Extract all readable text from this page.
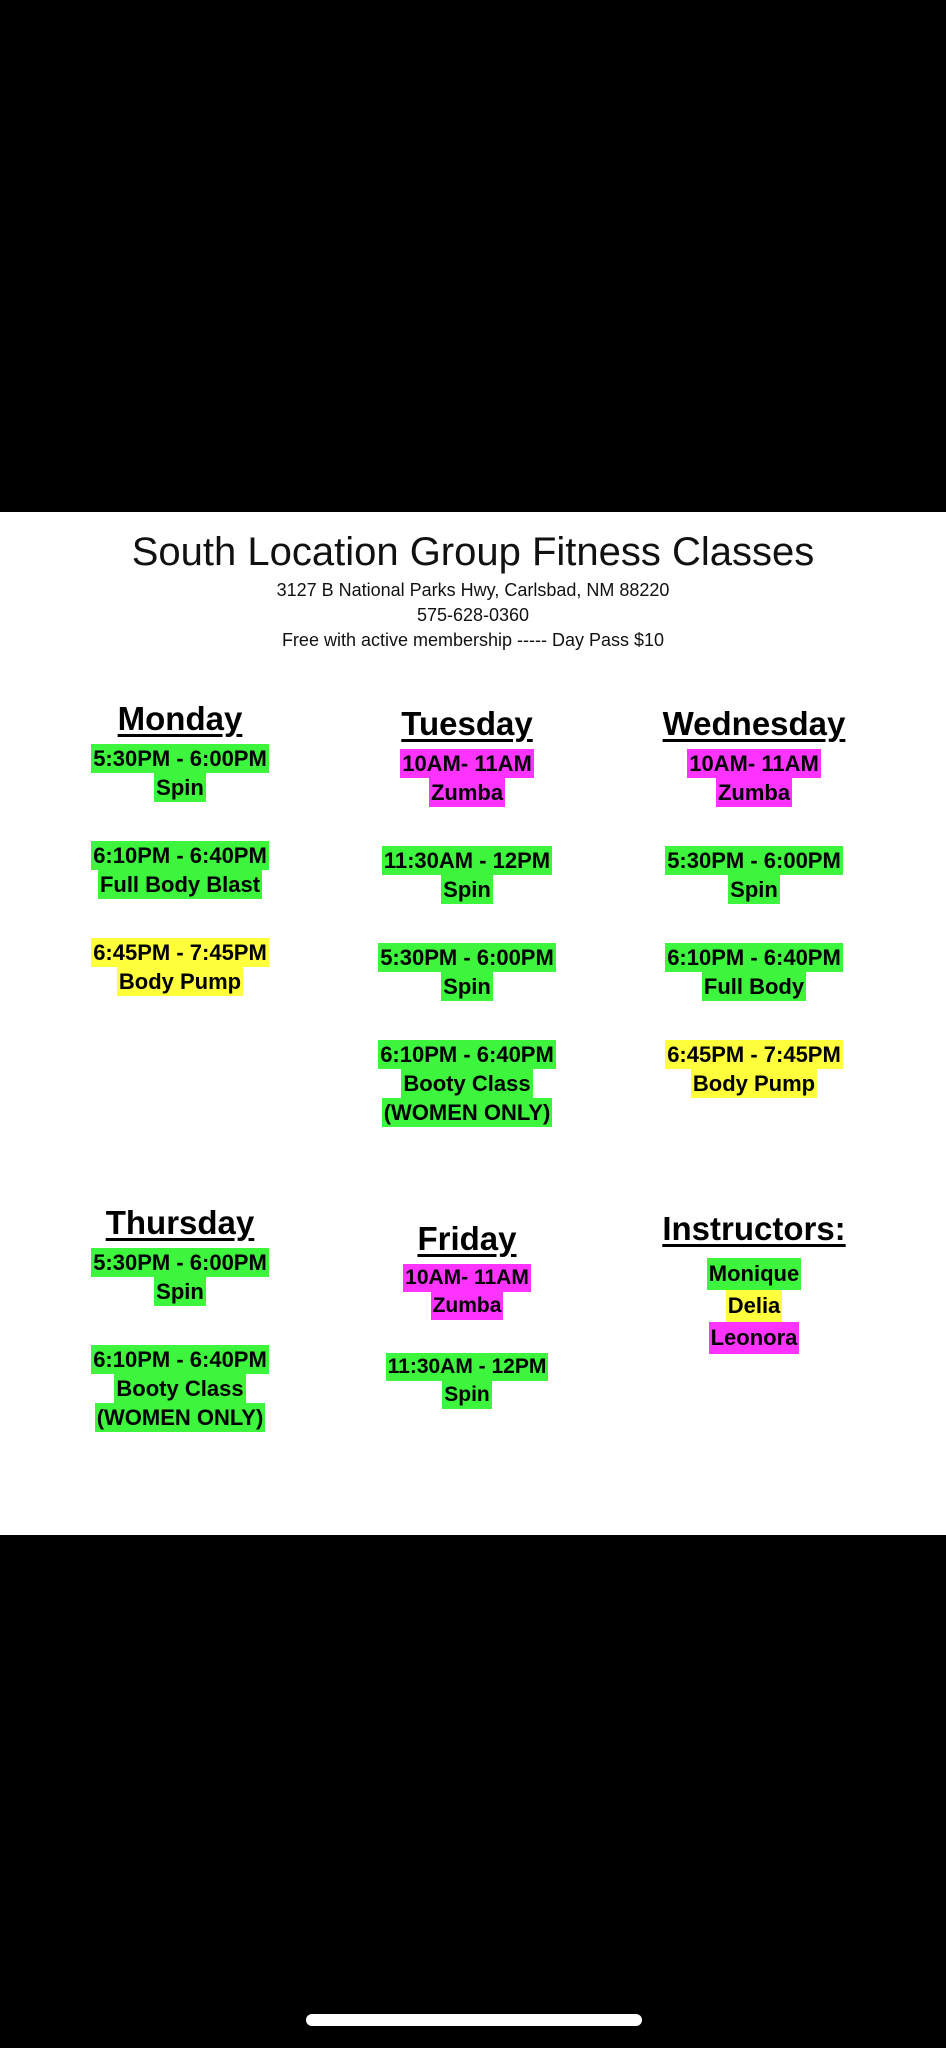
South Location Group Fitness Classes

3127 B National Parks Hwy, Carlsbad, NM 88220

575-628-0360

Free with active membership ----- Day Pass $10

Monday
5:30PM - 6:00PM
Spin
6:10PM - 6:40PM
Full Body Blast
6:45PM - 7:45PM
Body Pump
Tuesday
10AM- 11AM
Zumba
11:30AM - 12PM
Spin
5:30PM - 6:00PM
Spin
6:10PM - 6:40PM
Booty Class
(WOMEN ONLY)
Wednesday
10AM- 11AM
Zumba
5:30PM - 6:00PM
Spin
6:10PM - 6:40PM
Full Body
6:45PM - 7:45PM
Body Pump
Thursday
5:30PM - 6:00PM
Spin
6:10PM - 6:40PM
Booty Class
(WOMEN ONLY)
Friday
10AM- 11AM
Zumba
11:30AM - 12PM
Spin
Instructors:
Monique
Delia
Leonora
